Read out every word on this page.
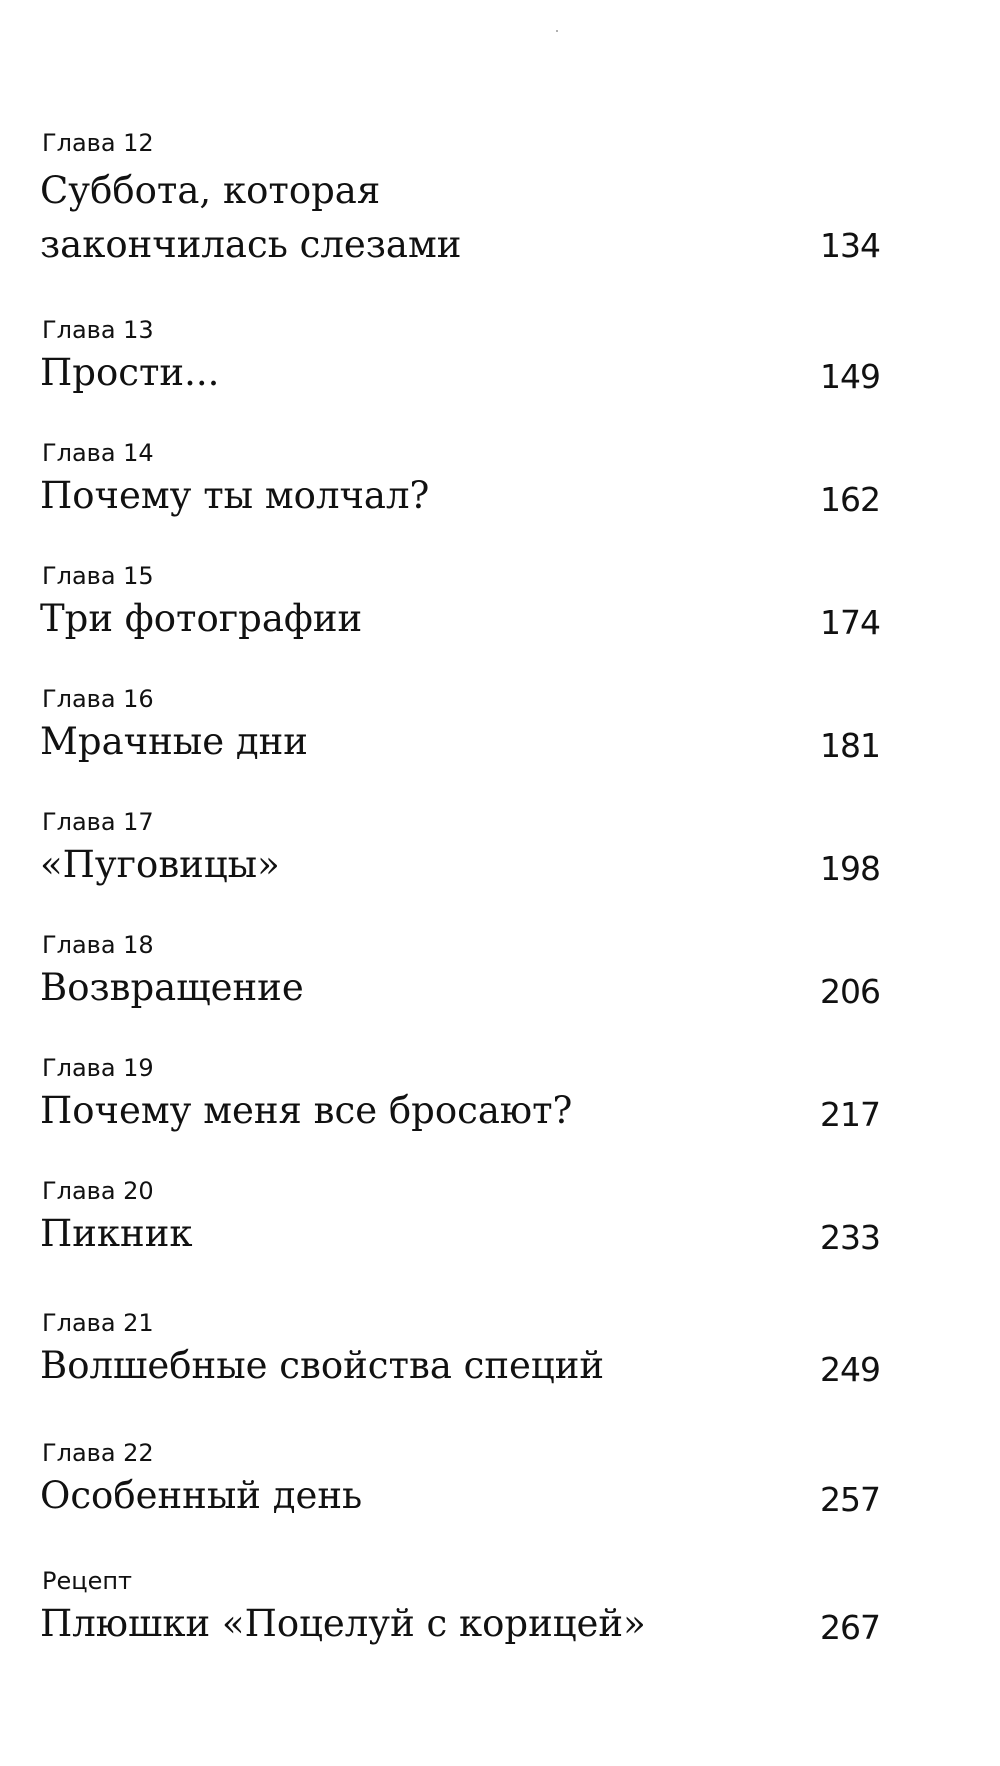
Глава 12
Суббота, которая
закончилась слезами	134
Глава 13
Прости...	149
Глава 14
Почему ты молчал?	162
Глава 15
Три фотографии	174
Глава 16
Мрачные дни	181
Глава 17
«Пуговицы»	198
Глава 18
Возвращение	206
Глава 19
Почему меня все бросают?	217
Глава 20
Пикник	233
Глава 21
Волшебные свойства специй	249
Глава 22
Особенный день	257
Рецепт
Плюшки «Поцелуй с корицей»	267
